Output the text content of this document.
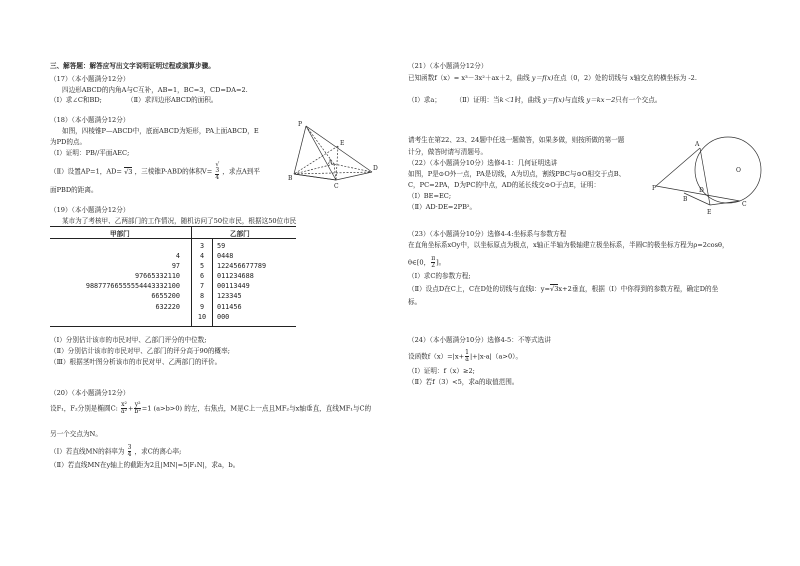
三、解答题：解答应写出文字说明证明过程或演算步骤。
（17）（本小题满分12分）
四边形ABCD的内角A与C互补，AB=1，BC=3，CD=DA=2.
（Ⅰ）求∠C和BD;	（Ⅱ）求四边形ABCD的面积。
（18）（本小题满分12分）
如图，四棱锥P—ABCD中，底面ABCD为矩形，PA上面ABCD，E
为PD的点。
（Ⅰ）证明：PB//平面AEC;
（Ⅱ）设置AP=1，AD= √3 ，三棱锥P-ABD的体积V= √
3
4 ，求点A到平
面PBD的距离。
P
E
A
D
B
C
（19）（本小题满分12分）
某市为了考核甲、乙两部门的工作情况，随机访问了50位市民，根据这50位市民
甲部门	乙部门
4
97
97665332110
98877766555554443332100
6655200
632220
3
4
5
6
7
8
9
10
59
0448
122456677789
011234688
00113449
123345
011456
000
（Ⅰ）分别估计该市的市民对甲、乙部门评分的中位数;
（Ⅱ）分别估计该市的市民对甲、乙部门的评分高于90的概率;
（Ⅲ）根据茎叶图分析该市的市民对甲、乙两部门的评价。
（20）（本小题满分12分）
设F₁，F₂分别是椭圆C: $\frac{\text{x²}}{\text{a²}} + \frac{\text{y²}}{\text{b²}} =1$ (a>b>0) 的左，右焦点，M是C上一点且MF₂与x轴垂直，直线MF₁与C的
另一个交点为N。
（Ⅰ）若直线MN的斜率为 $\frac{3}{4}$ ，求C的离心率;
（Ⅱ）若直线MN在y轴上的截距为2且|MN|=5|F₁N|，求a，b。
（21）（本小题满分12分）
已知函数f（x）= x³－3x²＋ax＋2，曲线 y＝f(x)在点（0，2）处的切线与 x轴交点的横坐标为 -2.
（Ⅰ）求a； （Ⅱ）证明：当k＜1时，曲线 y＝f(x)与直线 y＝kx－2只有一个交点。
请考生在第22、23、24题中任选一题做答，如果多做，则按所做的第一题
计分，做答时请写清题号。
（22）（本小题满分10分）选修4-1：几何证明选讲
如图，P是⊙O外一点，PA是切线，A为切点，割线PBC与⊙O相交于点B、
C，PC=2PA，D为PC的中点，AD的延长线交⊙O于点E，证明：
（Ⅰ）BE=EC;
（Ⅱ）AD·DE=2PB²。
A
O
P
B
D
C
E
（23）（本小题满分10分）选修4-4:坐标系与参数方程
在直角坐标系xOy中，以坐标原点为极点，x轴正半轴为极轴建立极坐标系，半圆C的极坐标方程为ρ=2cosθ，
θ∈[0， $\frac{\pi}{2}$ ]。
（Ⅰ）求C的参数方程;
（Ⅱ）设点D在C上，C在D处的切线与直线l：y=√3x+2垂直，根据（Ⅰ）中你得到的参数方程，确定D的坐
标。
（24）（本小题满分10分）选修4-5：不等式选讲
设函数$f(x)=|x+ \frac{1}{a} |+|x-a|(a>0)$。
（Ⅰ）证明：f（x）≥2;
（Ⅱ）若f（3）<5，求a的取值范围。
